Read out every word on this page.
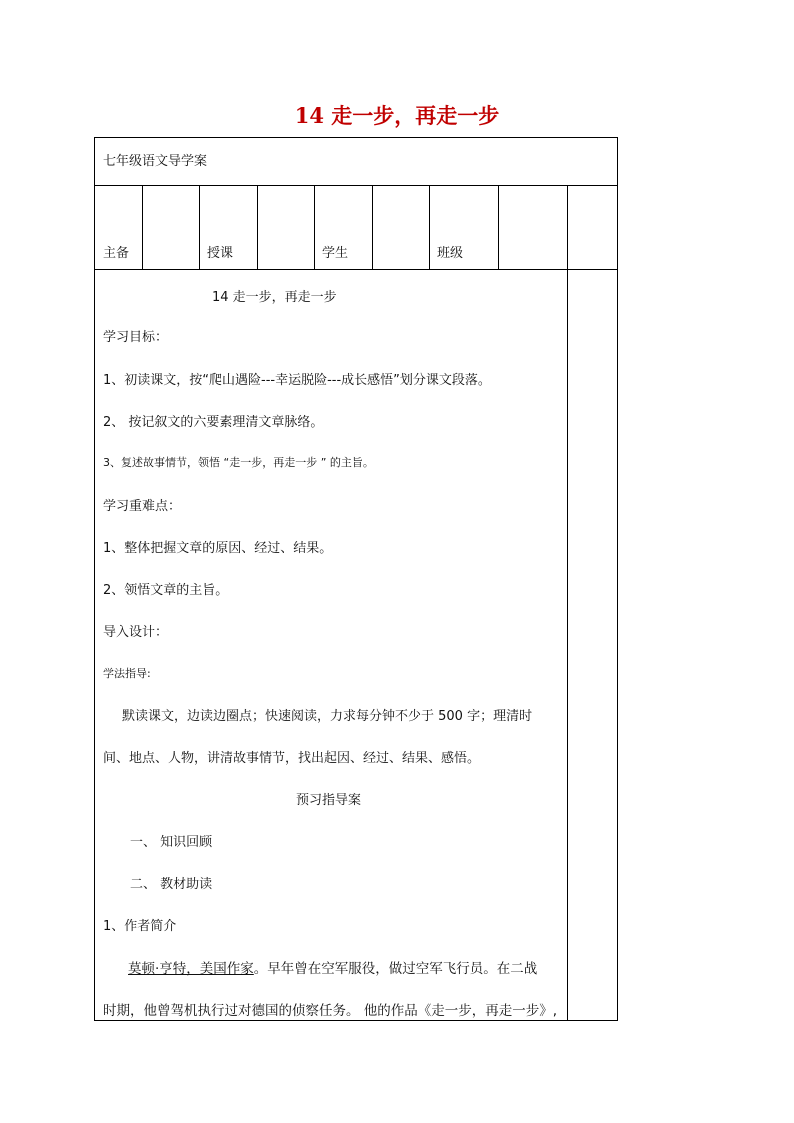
14 走一步，再走一步
七年级语文导学案
主备	授课	学生	班级
14 走一步，再走一步
学习目标：
1、初读课文，按“爬山遇险---幸运脱险---成长感悟”划分课文段落。
2、 按记叙文的六要素理清文章脉络。
3、复述故事情节，领悟 “走一步，再走一步 ” 的主旨。
学习重难点：
1、整体把握文章的原因、经过、结果。
2、领悟文章的主旨。
导入设计：
学法指导:
默读课文，边读边圈点；快速阅读，力求每分钟不少于 500 字；理清时
间、地点、人物，讲清故事情节，找出起因、经过、结果、感悟。
预习指导案
一、 知识回顾
二、 教材助读
1、作者简介
莫顿·亨特，美国作家。早年曾在空军服役，做过空军飞行员。在二战
时期，他曾驾机执行过对德国的侦察任务。 他的作品《走一步，再走一步》,
